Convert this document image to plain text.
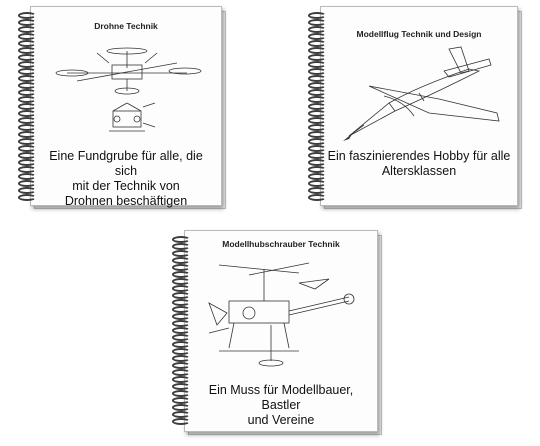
Drohne Technik
Eine Fundgrube für alle, die sich
mit der Technik von
Drohnen beschäftigen
Modellflug Technik und Design
Ein faszinierendes Hobby für alle
Altersklassen
Modellhubschrauber Technik
Ein Muss für Modellbauer, Bastler
und Vereine
